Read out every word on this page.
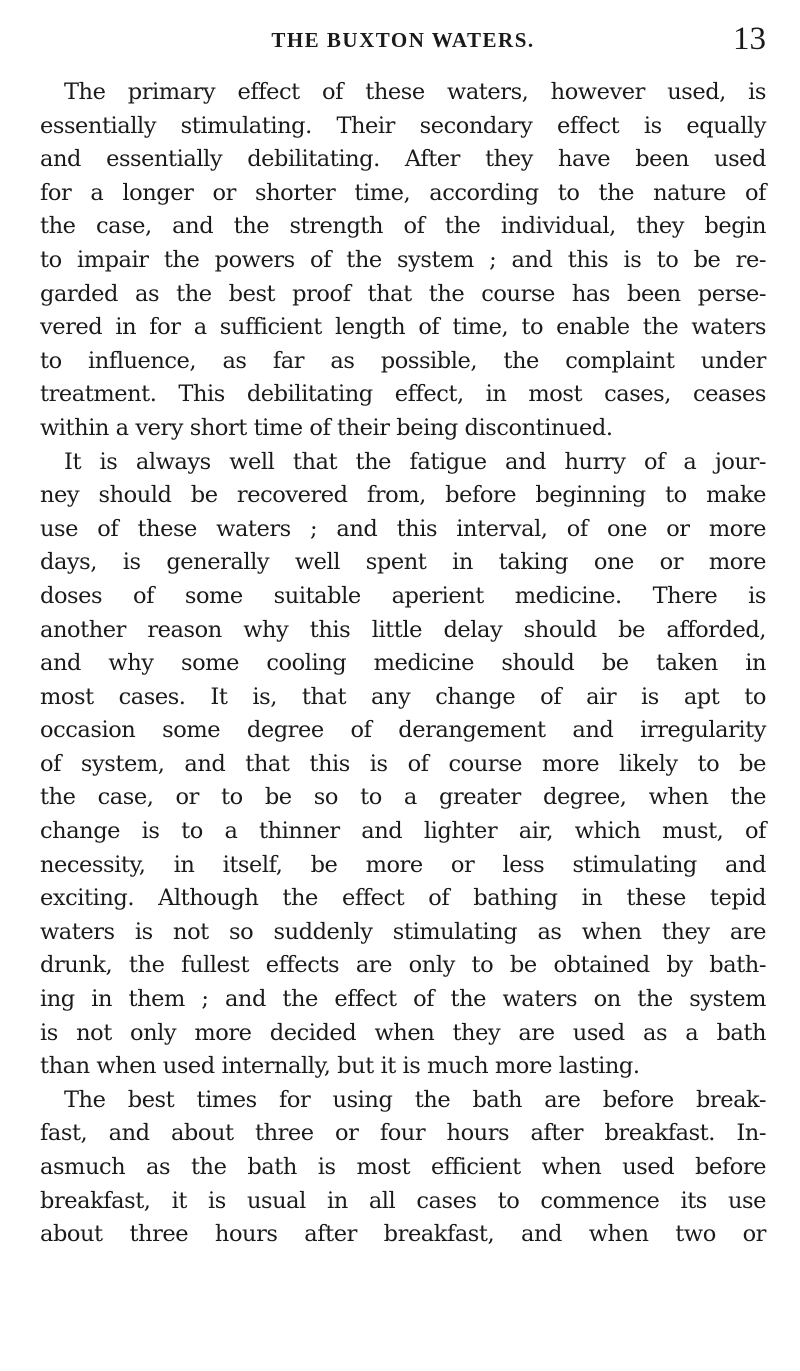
THE BUXTON WATERS.	13
The primary effect of these waters, however used, is
essentially stimulating. Their secondary effect is equally
and essentially debilitating. After they have been used
for a longer or shorter time, according to the nature of
the case, and the strength of the individual, they begin
to impair the powers of the system ; and this is to be re-
garded as the best proof that the course has been perse-
vered in for a sufficient length of time, to enable the waters
to influence, as far as possible, the complaint under
treatment. This debilitating effect, in most cases, ceases
within a very short time of their being discontinued.
It is always well that the fatigue and hurry of a jour-
ney should be recovered from, before beginning to make
use of these waters ; and this interval, of one or more
days, is generally well spent in taking one or more
doses of some suitable aperient medicine. There is
another reason why this little delay should be afforded,
and why some cooling medicine should be taken in
most cases. It is, that any change of air is apt to
occasion some degree of derangement and irregularity
of system, and that this is of course more likely to be
the case, or to be so to a greater degree, when the
change is to a thinner and lighter air, which must, of
necessity, in itself, be more or less stimulating and
exciting. Although the effect of bathing in these tepid
waters is not so suddenly stimulating as when they are
drunk, the fullest effects are only to be obtained by bath-
ing in them ; and the effect of the waters on the system
is not only more decided when they are used as a bath
than when used internally, but it is much more lasting.
The best times for using the bath are before break-
fast, and about three or four hours after breakfast. In-
asmuch as the bath is most efficient when used before
breakfast, it is usual in all cases to commence its use
about three hours after breakfast, and when two or
